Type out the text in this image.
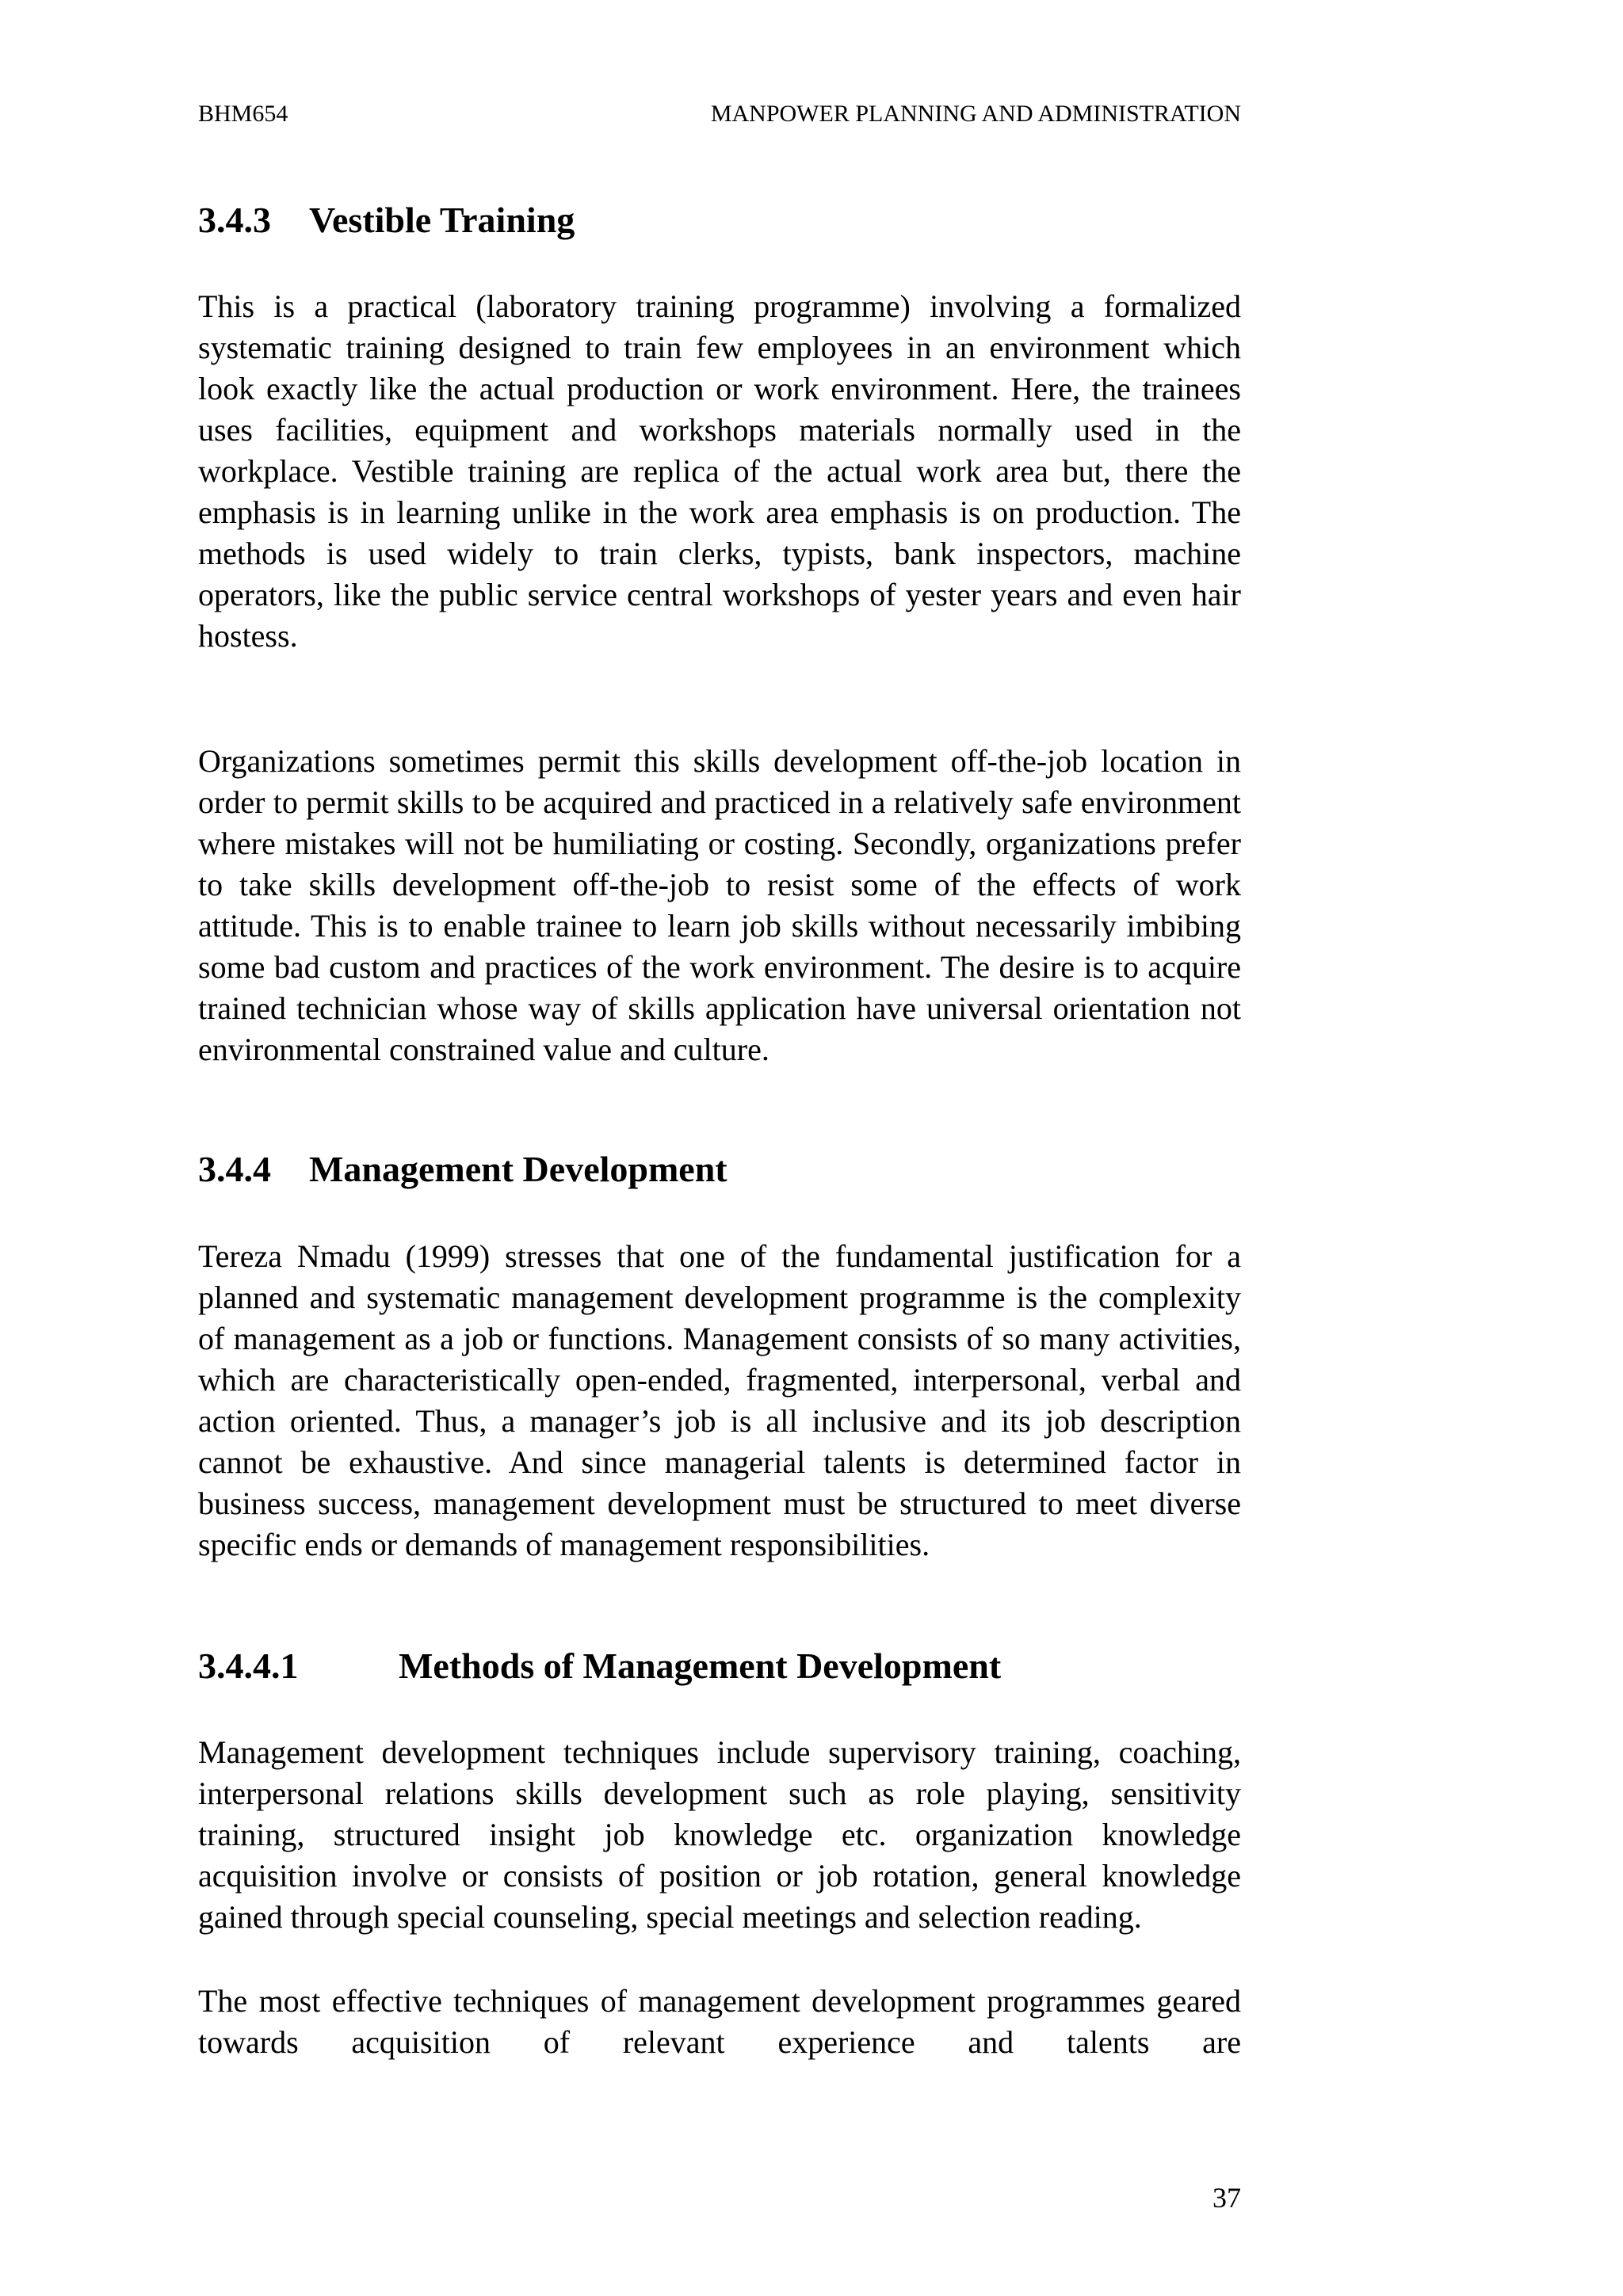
BHM654	MANPOWER PLANNING AND ADMINISTRATION
3.4.3 Vestible Training

This is a practical (laboratory training programme) involving a formalized systematic training designed to train few employees in an environment which look exactly like the actual production or work environment. Here, the trainees uses facilities, equipment and workshops materials normally used in the workplace. Vestible training are replica of the actual work area but, there the emphasis is in learning unlike in the work area emphasis is on production. The methods is used widely to train clerks, typists, bank inspectors, machine operators, like the public service central workshops of yester years and even hair hostess.

Organizations sometimes permit this skills development off-the-job location in order to permit skills to be acquired and practiced in a relatively safe environment where mistakes will not be humiliating or costing. Secondly, organizations prefer to take skills development off-the-job to resist some of the effects of work attitude. This is to enable trainee to learn job skills without necessarily imbibing some bad custom and practices of the work environment. The desire is to acquire trained technician whose way of skills application have universal orientation not environmental constrained value and culture.

3.4.4 Management Development

Tereza Nmadu (1999) stresses that one of the fundamental justification for a planned and systematic management development programme is the complexity of management as a job or functions. Management consists of so many activities, which are characteristically open-ended, fragmented, interpersonal, verbal and action oriented. Thus, a manager’s job is all inclusive and its job description cannot be exhaustive. And since managerial talents is determined factor in business success, management development must be structured to meet diverse specific ends or demands of management responsibilities.

3.4.4.1	Methods of Management Development

Management development techniques include supervisory training, coaching, interpersonal relations skills development such as role playing, sensitivity training, structured insight job knowledge etc. organization knowledge acquisition involve or consists of position or job rotation, general knowledge gained through special counseling, special meetings and selection reading.

The most effective techniques of management development programmes geared towards acquisition of relevant experience and talents are

37
